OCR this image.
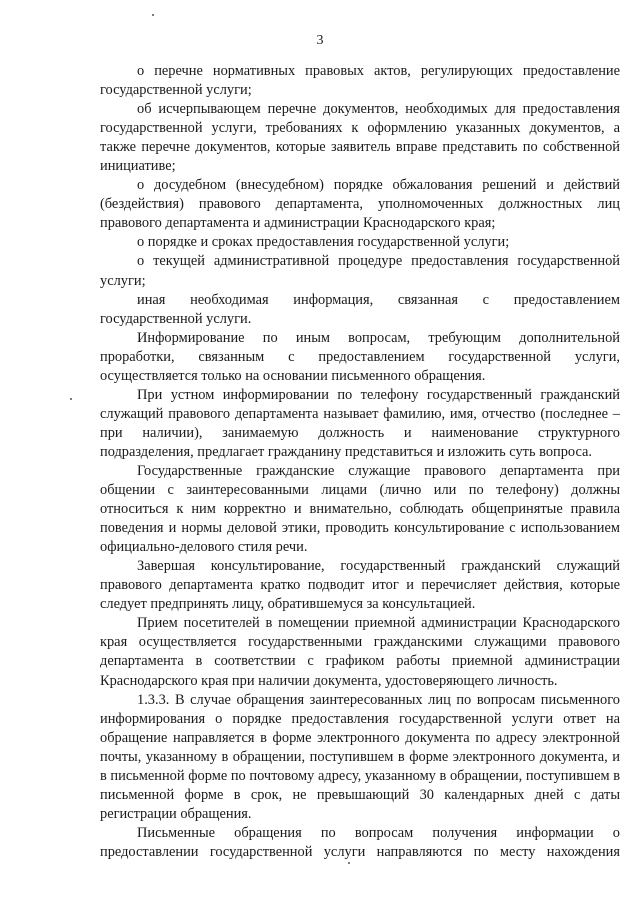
3

о перечне нормативных правовых актов, регулирующих предоставление государственной услуги;

об исчерпывающем перечне документов, необходимых для предоставления государственной услуги, требованиях к оформлению указанных документов, а также перечне документов, которые заявитель вправе представить по собственной инициативе;

о досудебном (внесудебном) порядке обжалования решений и действий (бездействия) правового департамента, уполномоченных должностных лиц правового департамента и администрации Краснодарского края;

о порядке и сроках предоставления государственной услуги;

о текущей административной процедуре предоставления государственной услуги;

иная необходимая информация, связанная с предоставлением государственной услуги.

Информирование по иным вопросам, требующим дополнительной проработки, связанным с предоставлением государственной услуги, осуществляется только на основании письменного обращения.

При устном информировании по телефону государственный гражданский служащий правового департамента называет фамилию, имя, отчество (последнее – при наличии), занимаемую должность и наименование структурного подразделения, предлагает гражданину представиться и изложить суть вопроса.

Государственные гражданские служащие правового департамента при общении с заинтересованными лицами (лично или по телефону) должны относиться к ним корректно и внимательно, соблюдать общепринятые правила поведения и нормы деловой этики, проводить консультирование с использованием официально-делового стиля речи.

Завершая консультирование, государственный гражданский служащий правового департамента кратко подводит итог и перечисляет действия, которые следует предпринять лицу, обратившемуся за консультацией.

Прием посетителей в помещении приемной администрации Краснодарского края осуществляется государственными гражданскими служащими правового департамента в соответствии с графиком работы приемной администрации Краснодарского края при наличии документа, удостоверяющего личность.

1.3.3. В случае обращения заинтересованных лиц по вопросам письменного информирования о порядке предоставления государственной услуги ответ на обращение направляется в форме электронного документа по адресу электронной почты, указанному в обращении, поступившем в форме электронного документа, и в письменной форме по почтовому адресу, указанному в обращении, поступившем в письменной форме в срок, не превышающий 30 календарных дней с даты регистрации обращения.

Письменные обращения по вопросам получения информации о предоставлении государственной услуги направляются по месту нахождения
